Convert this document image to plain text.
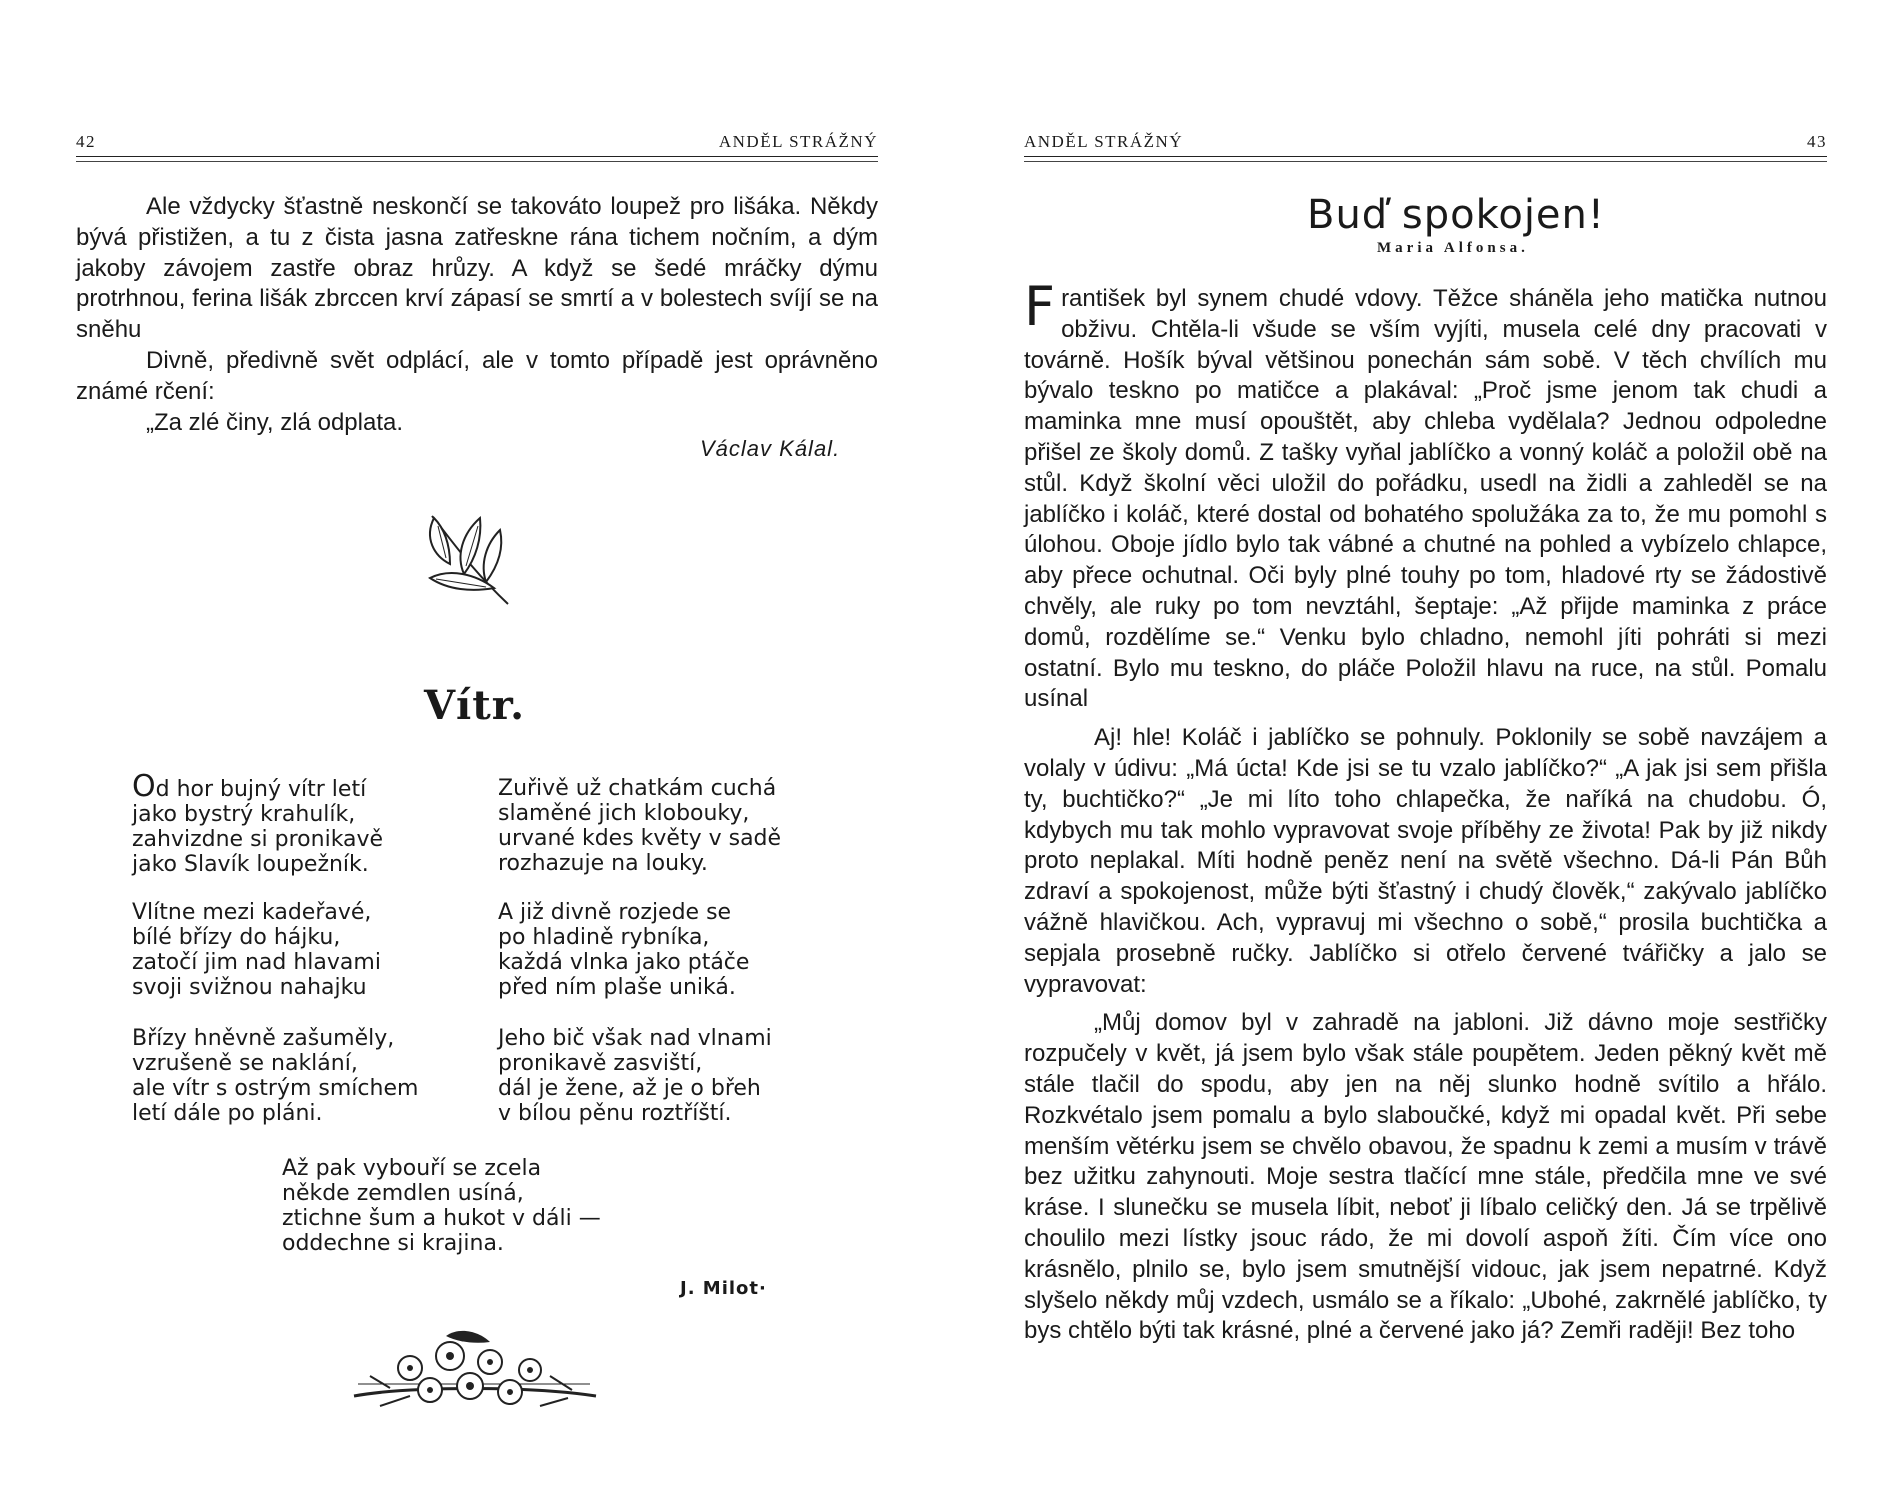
42	ANDĚL STRÁŽNÝ

Ale vždycky šťastně neskončí se takováto loupež pro lišáka. Někdy bývá přistižen, a tu z čista jasna zatřeskne rána tichem nočním, a dým jakoby závojem zastře obraz hrůzy. A když se šedé mráčky dýmu protrhnou, ferina lišák zbrccen krví zápasí se smrtí a v bolestech svíjí se na sněhu

Divně, předivně svět odplácí, ale v tomto případě jest oprávněno známé rčení:

„Za zlé činy, zlá odplata.

Václav Kálal.
Vítr.
Od hor bujný vítr letí
jako bystrý krahulík,
zahvizdne si pronikavě
jako Slavík loupežník.
Vlítne mezi kadeřavé,
bílé břízy do hájku,
zatočí jim nad hlavami
svoji svižnou nahajku
Břízy hněvně zašuměly,
vzrušeně se naklání,
ale vítr s ostrým smíchem
letí dále po pláni.
Zuřivě už chatkám cuchá
slaměné jich klobouky,
urvané kdes květy v sadě
rozhazuje na louky.
A již divně rozjede se
po hladině rybníka,
každá vlnka jako ptáče
před ním plaše uniká.
Jeho bič však nad vlnami
pronikavě zasviští,
dál je žene, až je o břeh
v bílou pěnu roztříští.
Až pak vybouří se zcela
někde zemdlen usíná,
ztichne šum a hukot v dáli —
oddechne si krajina.
J. Milot·
ANDĚL STRÁŽNÝ	43
Buď spokojen!
Maria Alfonsa.

František byl synem chudé vdovy. Těžce sháněla jeho matička nutnou obživu. Chtěla-li všude se vším vyjíti, musela celé dny pracovati v továrně. Hošík býval většinou ponechán sám sobě. V těch chvílích mu bývalo teskno po matičce a plakával: „Proč jsme jenom tak chudi a maminka mne musí opouštět, aby chleba vydělala? Jednou odpoledne přišel ze školy domů. Z tašky vyňal jablíčko a vonný koláč a položil obě na stůl. Když školní věci uložil do pořádku, usedl na židli a zahleděl se na jablíčko i koláč, které dostal od bohatého spolužáka za to, že mu pomohl s úlohou. Oboje jídlo bylo tak vábné a chutné na pohled a vybízelo chlapce, aby přece ochutnal. Oči byly plné touhy po tom, hladové rty se žádostivě chvěly, ale ruky po tom nevztáhl, šeptaje: „Až přijde maminka z práce domů, rozdělíme se.“ Venku bylo chladno, nemohl jíti pohráti si mezi ostatní. Bylo mu teskno, do pláče Položil hlavu na ruce, na stůl. Pomalu usínal

Aj! hle! Koláč i jablíčko se pohnuly. Poklonily se sobě navzájem a volaly v údivu: „Má úcta! Kde jsi se tu vzalo jablíčko?“ „A jak jsi sem přišla ty, buchtičko?“ „Je mi líto toho chlapečka, že naříká na chudobu. Ó, kdybych mu tak mohlo vypravovat svoje příběhy ze života! Pak by již nikdy proto neplakal. Míti hodně peněz není na světě všechno. Dá-li Pán Bůh zdraví a spokojenost, může býti šťastný i chudý člověk,“ zakývalo jablíčko vážně hlavičkou. Ach, vypravuj mi všechno o sobě,“ prosila buchtička a sepjala prosebně ručky. Jablíčko si otřelo červené tvářičky a jalo se vypravovat:

„Můj domov byl v zahradě na jabloni. Již dávno moje sestřičky rozpučely v květ, já jsem bylo však stále poupětem. Jeden pěkný květ mě stále tlačil do spodu, aby jen na něj slunko hodně svítilo a hřálo. Rozkvétalo jsem pomalu a bylo slaboučké, když mi opadal květ. Při sebe menším větérku jsem se chvělo obavou, že spadnu k zemi a musím v trávě bez užitku zahynouti. Moje sestra tlačící mne stále, předčila mne ve své kráse. I slunečku se musela líbit, neboť ji líbalo celičký den. Já se trpělivě choulilo mezi lístky jsouc rádo, že mi dovolí aspoň žíti. Čím více ono krásnělo, plnilo se, bylo jsem smutnější vidouc, jak jsem nepatrné. Když slyšelo někdy můj vzdech, usmálo se a říkalo: „Ubohé, zakrnělé jablíčko, ty bys chtělo býti tak krásné, plné a červené jako já? Zemři raději! Bez toho
